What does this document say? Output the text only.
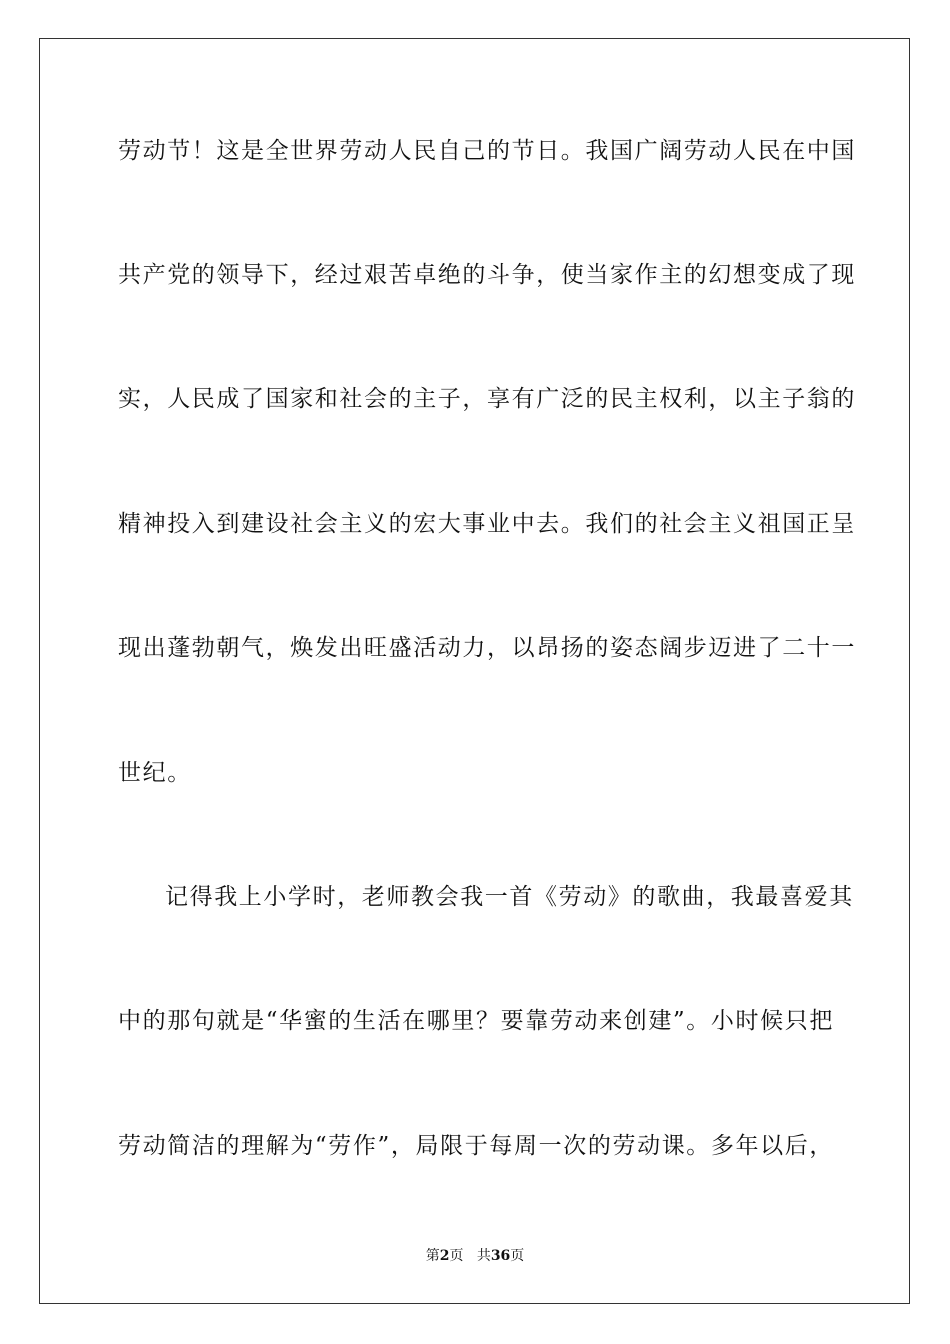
劳动节！这是全世界劳动人民自己的节日。我国广阔劳动人民在中国
共产党的领导下，经过艰苦卓绝的斗争，使当家作主的幻想变成了现
实，人民成了国家和社会的主子，享有广泛的民主权利，以主子翁的
精神投入到建设社会主义的宏大事业中去。我们的社会主义祖国正呈
现出蓬勃朝气，焕发出旺盛活动力，以昂扬的姿态阔步迈进了二十一
世纪。
记得我上小学时，老师教会我一首《劳动》的歌曲，我最喜爱其
中的那句就是“华蜜的生活在哪里？要靠劳动来创建”。小时候只把
劳动简洁的理解为“劳作”，局限于每周一次的劳动课。多年以后，
第2页 共36页
